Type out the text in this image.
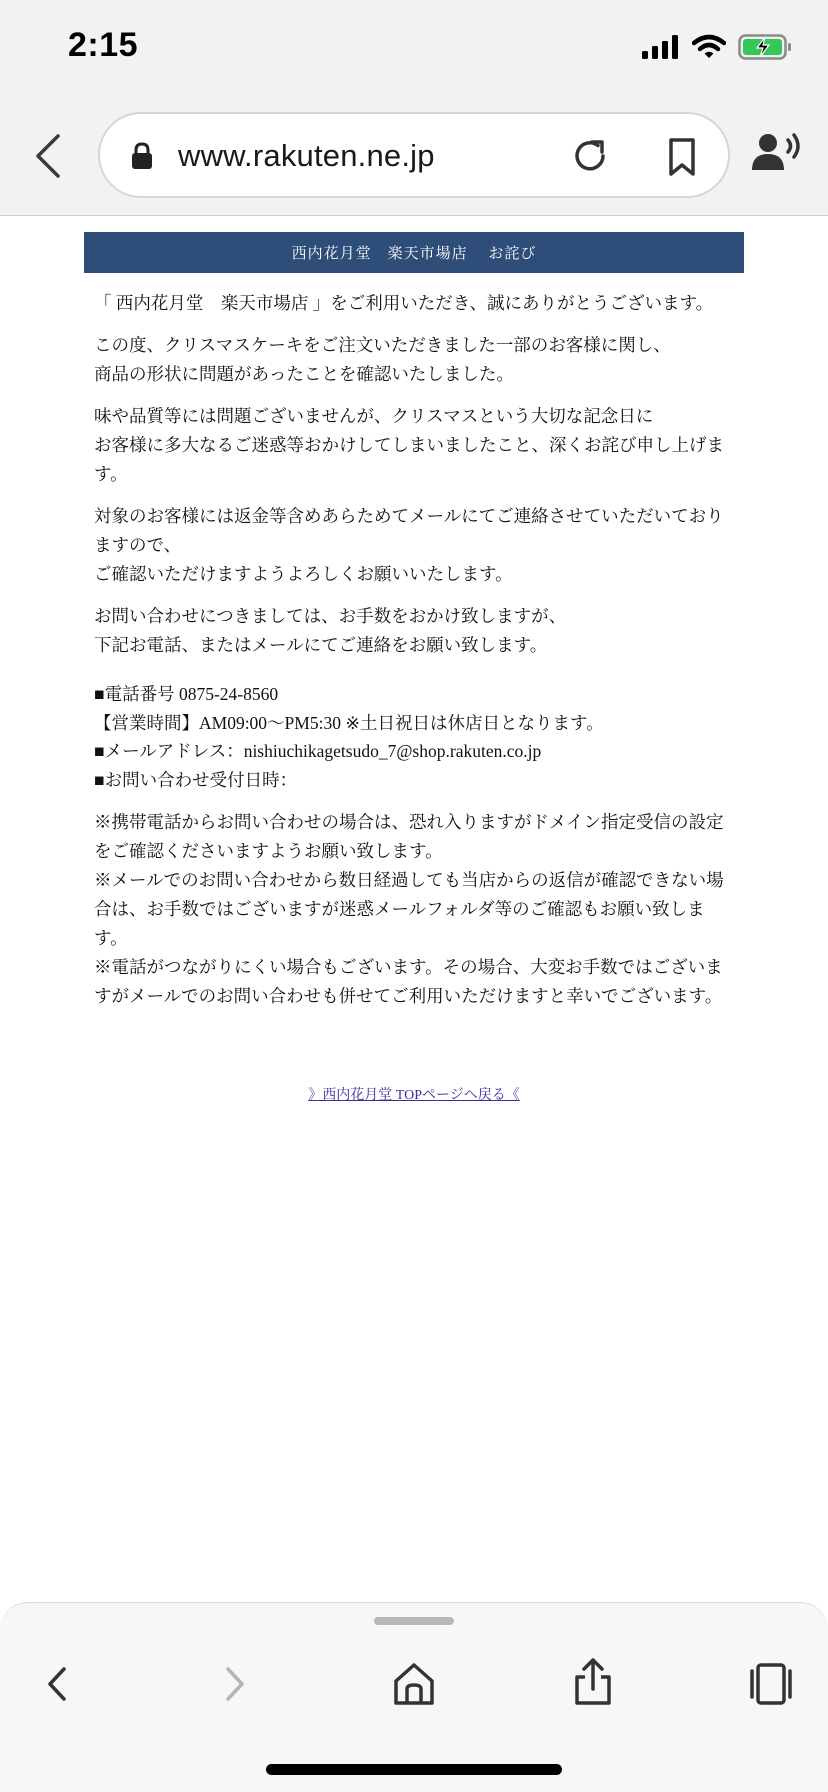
2:15
www.rakuten.ne.jp
西内花月堂　楽天市場店　 お詫び

「 西内花月堂　楽天市場店 」をご利用いただき、誠にありがとうございます。

この度、クリスマスケーキをご注文いただきました一部のお客様に関し、

商品の形状に問題があったことを確認いたしました。

味や品質等には問題ございませんが、クリスマスという大切な記念日に

お客様に多大なるご迷惑等おかけしてしまいましたこと、深くお詫び申し上げます。

対象のお客様には返金等含めあらためてメールにてご連絡させていただいておりますので、

ご確認いただけますようよろしくお願いいたします。

お問い合わせにつきましては、お手数をおかけ致しますが、

下記お電話、またはメールにてご連絡をお願い致します。

■電話番号 0875-24-8560
【営業時間】AM09:00〜PM5:30 ※土日祝日は休店日となります。
■メールアドレス：nishiuchikagetsudo_7@shop.rakuten.co.jp
■お問い合わせ受付日時：
※携帯電話からお問い合わせの場合は、恐れ入りますがドメイン指定受信の設定をご確認くださいますようお願い致します。
※メールでのお問い合わせから数日経過しても当店からの返信が確認できない場合は、お手数ではございますが迷惑メールフォルダ等のご確認もお願い致します。
※電話がつながりにくい場合もございます。その場合、大変お手数ではございますがメールでのお問い合わせも併せてご利用いただけますと幸いでございます。
》西内花月堂 TOPページへ戻る《
